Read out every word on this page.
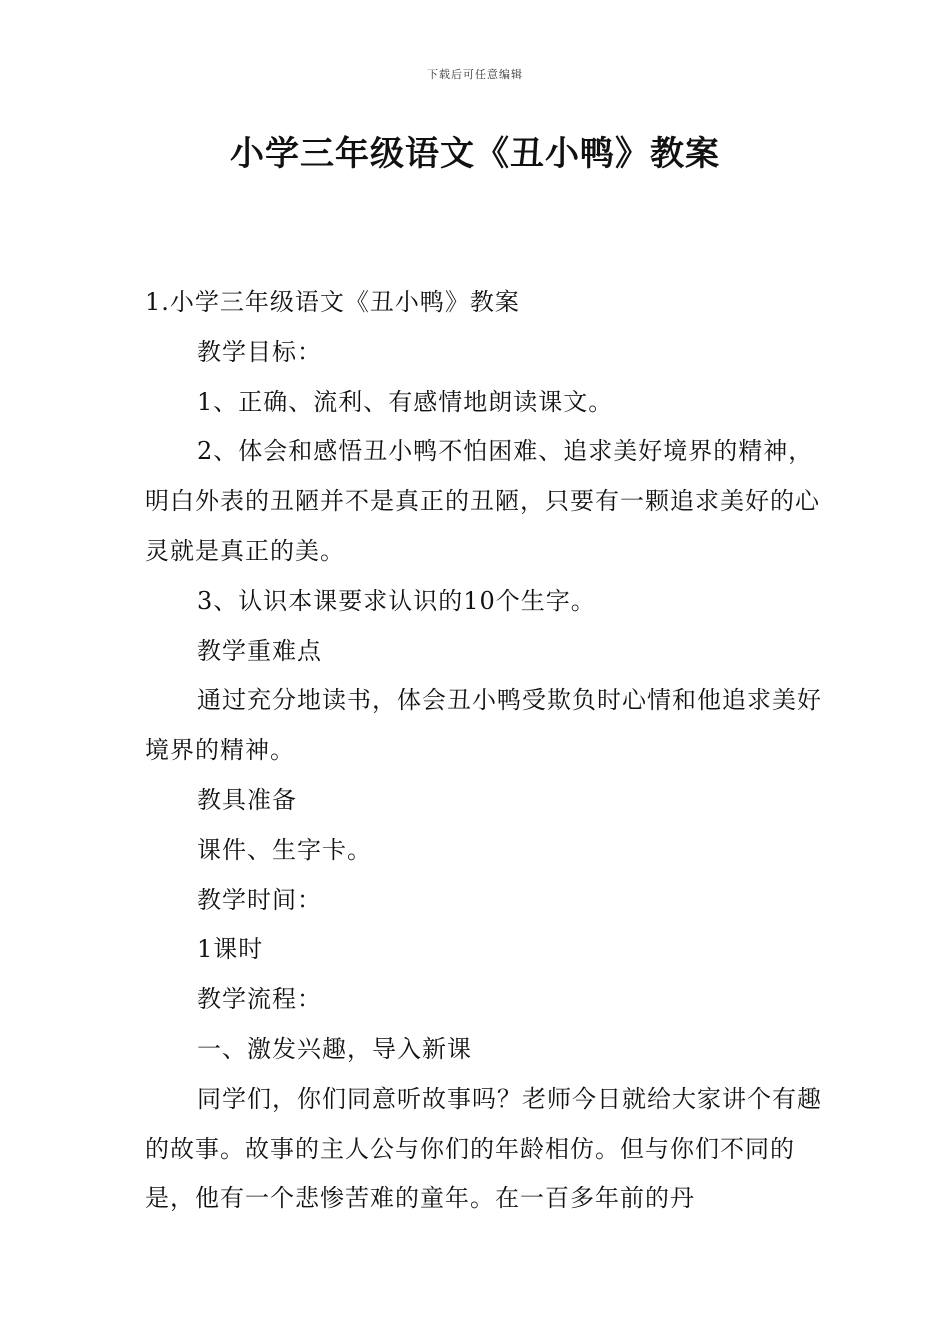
下载后可任意编辑
小学三年级语文《丑小鸭》教案

1.小学三年级语文《丑小鸭》教案

教学目标：

1、正确、流利、有感情地朗读课文。

2、体会和感悟丑小鸭不怕困难、追求美好境界的精神，明白外表的丑陋并不是真正的丑陋，只要有一颗追求美好的心灵就是真正的美。

3、认识本课要求认识的10个生字。

教学重难点

通过充分地读书，体会丑小鸭受欺负时心情和他追求美好境界的精神。

教具准备

课件、生字卡。

教学时间：

1课时

教学流程：

一、激发兴趣，导入新课

同学们，你们同意听故事吗？老师今日就给大家讲个有趣的故事。故事的主人公与你们的年龄相仿。但与你们不同的是，他有一个悲惨苦难的童年。在一百多年前的丹
